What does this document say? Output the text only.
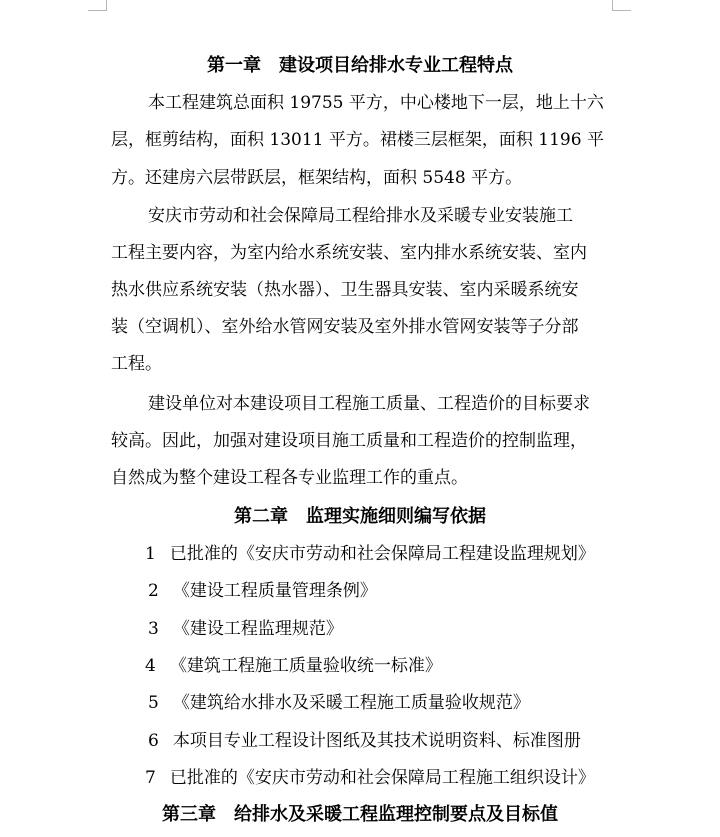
第一章　建设项目给排水专业工程特点
本工程建筑总面积 19755 平方，中心楼地下一层，地上十六
层，框剪结构，面积 13011 平方。裙楼三层框架，面积 1196 平
方。还建房六层带跃层，框架结构，面积 5548 平方。
安庆市劳动和社会保障局工程给排水及采暖专业安装施工
工程主要内容，为室内给水系统安装、室内排水系统安装、室内
热水供应系统安装（热水器）、卫生器具安装、室内采暖系统安
装（空调机）、室外给水管网安装及室外排水管网安装等子分部
工程。
建设单位对本建设项目工程施工质量、工程造价的目标要求
较高。因此，加强对建设项目施工质量和工程造价的控制监理，
自然成为整个建设工程各专业监理工作的重点。
第二章　监理实施细则编写依据
1 已批准的《安庆市劳动和社会保障局工程建设监理规划》
2 《建设工程质量管理条例》
3 《建设工程监理规范》
4 《建筑工程施工质量验收统一标准》
5 《建筑给水排水及采暖工程施工质量验收规范》
6 本项目专业工程设计图纸及其技术说明资料、标准图册
7 已批准的《安庆市劳动和社会保障局工程施工组织设计》
第三章　给排水及采暖工程监理控制要点及目标值
